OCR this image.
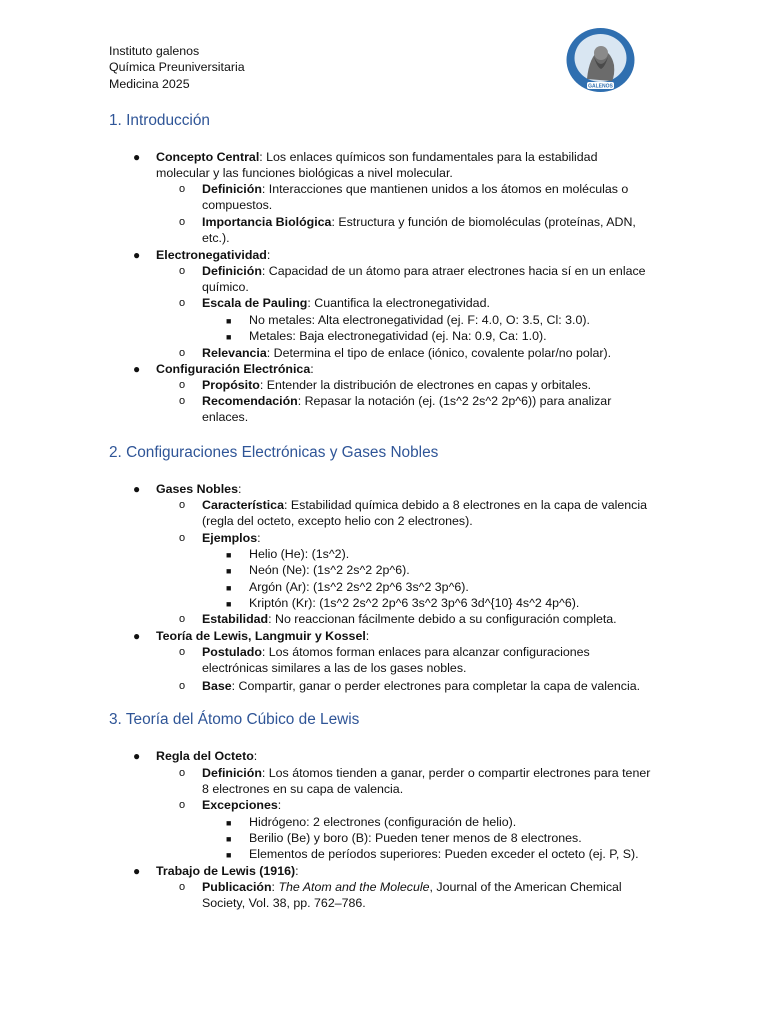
Instituto galenos
Química Preuniversitaria
Medicina 2025	GALENOS
1. Introducción
2. Configuraciones Electrónicas y Gases Nobles
3. Teoría del Átomo Cúbico de Lewis
● Concepto Central: Los enlaces químicos son fundamentales para la estabilidad molecular y las funciones biológicas a nivel molecular.
o Definición: Interacciones que mantienen unidos a los átomos en moléculas o compuestos.
o Importancia Biológica: Estructura y función de biomoléculas (proteínas, ADN, etc.).
● Electronegatividad:
o Definición: Capacidad de un átomo para atraer electrones hacia sí en un enlace químico.
o Escala de Pauling: Cuantifica la electronegatividad.
■ No metales: Alta electronegatividad (ej. F: 4.0, O: 3.5, Cl: 3.0).
■ Metales: Baja electronegatividad (ej. Na: 0.9, Ca: 1.0).
o Relevancia: Determina el tipo de enlace (iónico, covalente polar/no polar).
● Configuración Electrónica:
o Propósito: Entender la distribución de electrones en capas y orbitales.
o Recomendación: Repasar la notación (ej. (1s^2 2s^2 2p^6)) para analizar enlaces.
● Gases Nobles:
o Característica: Estabilidad química debido a 8 electrones en la capa de valencia (regla del octeto, excepto helio con 2 electrones).
o Ejemplos:
■ Helio (He): (1s^2).
■ Neón (Ne): (1s^2 2s^2 2p^6).
■ Argón (Ar): (1s^2 2s^2 2p^6 3s^2 3p^6).
■ Kriptón (Kr): (1s^2 2s^2 2p^6 3s^2 3p^6 3d^{10} 4s^2 4p^6).
o Estabilidad: No reaccionan fácilmente debido a su configuración completa.
● Teoría de Lewis, Langmuir y Kossel:
o Postulado: Los átomos forman enlaces para alcanzar configuraciones electrónicas similares a las de los gases nobles.
o Base: Compartir, ganar o perder electrones para completar la capa de valencia.
● Regla del Octeto:
o Definición: Los átomos tienden a ganar, perder o compartir electrones para tener 8 electrones en su capa de valencia.
o Excepciones:
■ Hidrógeno: 2 electrones (configuración de helio).
■ Berilio (Be) y boro (B): Pueden tener menos de 8 electrones.
■ Elementos de períodos superiores: Pueden exceder el octeto (ej. P, S).
● Trabajo de Lewis (1916):
o Publicación: The Atom and the Molecule, Journal of the American Chemical Society, Vol. 38, pp. 762–786.
